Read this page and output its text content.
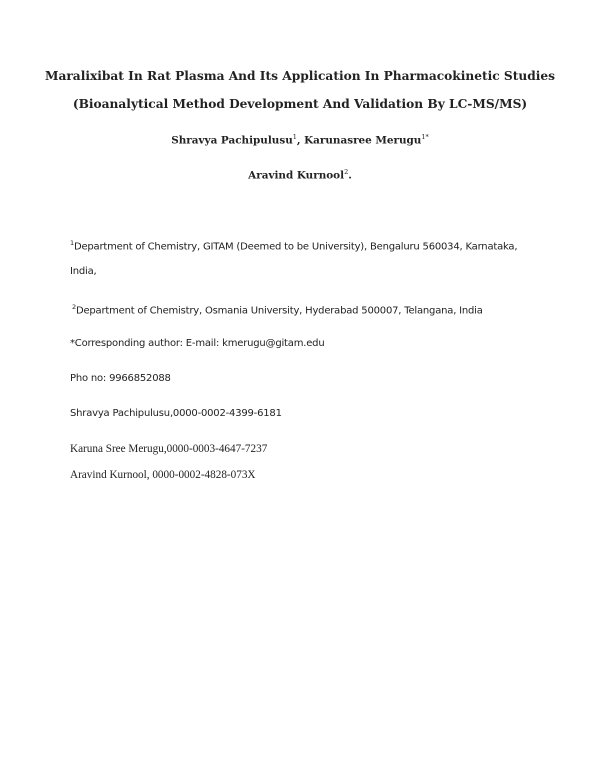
Maralixibat In Rat Plasma And Its Application In Pharmacokinetic Studies
(Bioanalytical Method Development And Validation By LC-MS/MS)
Shravya Pachipulusu$^1$, Karunasree Merugu$^{1*}$
Aravind Kurnool$^2$.
$^1$Department of Chemistry, GITAM (Deemed to be University), Bengaluru 560034, Karnataka,
India,
$^2$Department of Chemistry, Osmania University, Hyderabad 500007, Telangana, India
*Corresponding author: E-mail: kmerugu@gitam.edu
Pho no: 9966852088
Shravya Pachipulusu,0000-0002-4399-6181
Karuna Sree Merugu,0000-0003-4647-7237
Aravind Kurnool, 0000-0002-4828-073X
